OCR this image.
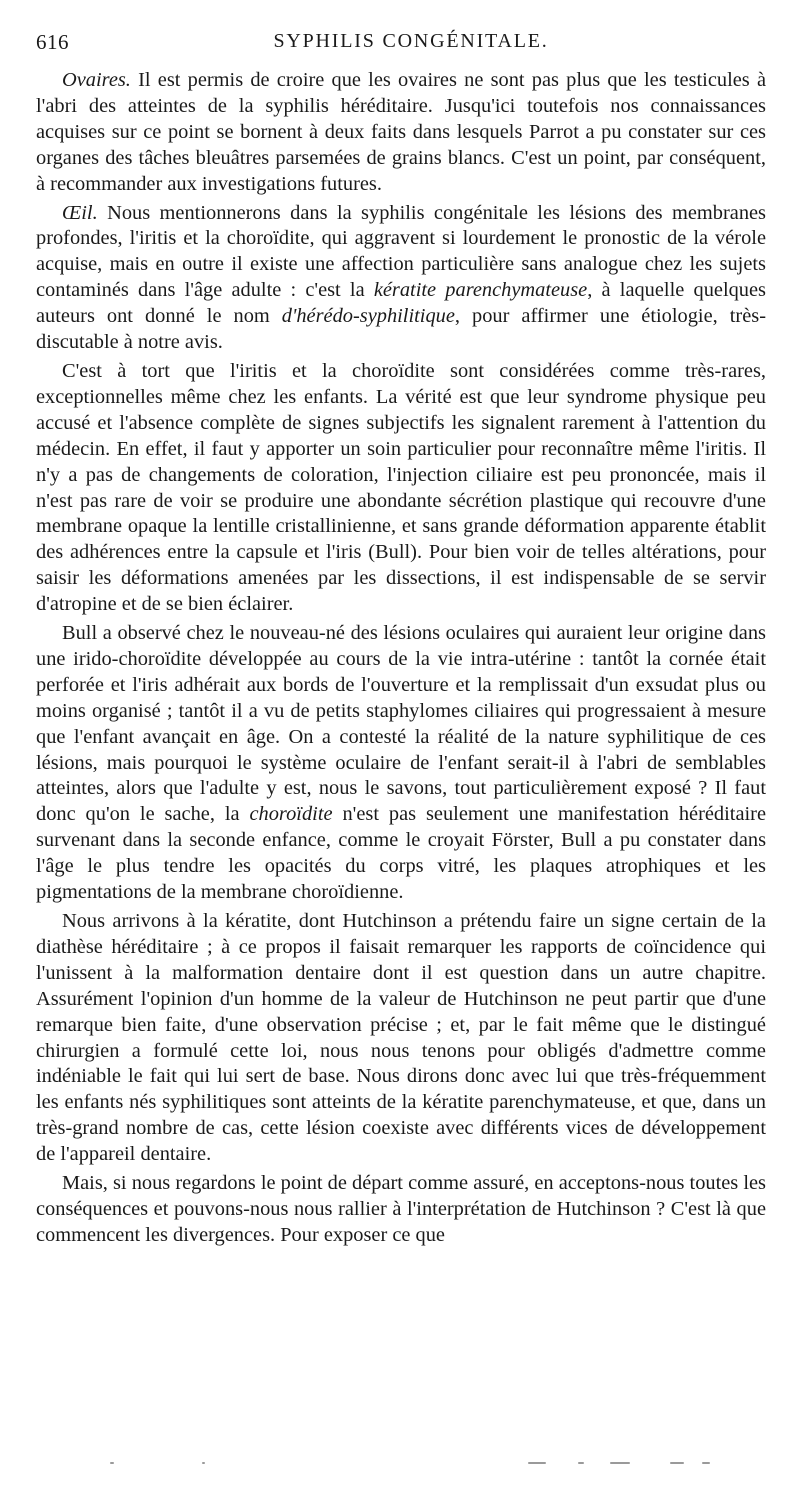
616	SYPHILIS CONGÉNITALE.

Ovaires. Il est permis de croire que les ovaires ne sont pas plus que les testicules à l'abri des atteintes de la syphilis héréditaire. Jusqu'ici toutefois nos connaissances acquises sur ce point se bornent à deux faits dans lesquels Parrot a pu constater sur ces organes des tâches bleuâtres parsemées de grains blancs. C'est un point, par conséquent, à recommander aux investigations futures.

Œil. Nous mentionnerons dans la syphilis congénitale les lésions des membranes profondes, l'iritis et la choroïdite, qui aggravent si lourdement le pronostic de la vérole acquise, mais en outre il existe une affection particulière sans analogue chez les sujets contaminés dans l'âge adulte : c'est la kératite parenchymateuse, à laquelle quelques auteurs ont donné le nom d'hérédo-syphilitique, pour affirmer une étiologie, très-discutable à notre avis.

C'est à tort que l'iritis et la choroïdite sont considérées comme très-rares, exceptionnelles même chez les enfants. La vérité est que leur syndrome physique peu accusé et l'absence complète de signes subjectifs les signalent rarement à l'attention du médecin. En effet, il faut y apporter un soin particulier pour reconnaître même l'iritis. Il n'y a pas de changements de coloration, l'injection ciliaire est peu prononcée, mais il n'est pas rare de voir se produire une abondante sécrétion plastique qui recouvre d'une membrane opaque la lentille cristallinienne, et sans grande déformation apparente établit des adhérences entre la capsule et l'iris (Bull). Pour bien voir de telles altérations, pour saisir les déformations amenées par les dissections, il est indispensable de se servir d'atropine et de se bien éclairer.

Bull a observé chez le nouveau-né des lésions oculaires qui auraient leur origine dans une irido-choroïdite développée au cours de la vie intra-utérine : tantôt la cornée était perforée et l'iris adhérait aux bords de l'ouverture et la remplissait d'un exsudat plus ou moins organisé ; tantôt il a vu de petits staphylomes ciliaires qui progressaient à mesure que l'enfant avançait en âge. On a contesté la réalité de la nature syphilitique de ces lésions, mais pourquoi le système oculaire de l'enfant serait-il à l'abri de semblables atteintes, alors que l'adulte y est, nous le savons, tout particulièrement exposé ? Il faut donc qu'on le sache, la choroïdite n'est pas seulement une manifestation héréditaire survenant dans la seconde enfance, comme le croyait Förster, Bull a pu constater dans l'âge le plus tendre les opacités du corps vitré, les plaques atrophiques et les pigmentations de la membrane choroïdienne.

Nous arrivons à la kératite, dont Hutchinson a prétendu faire un signe certain de la diathèse héréditaire ; à ce propos il faisait remarquer les rapports de coïncidence qui l'unissent à la malformation dentaire dont il est question dans un autre chapitre. Assurément l'opinion d'un homme de la valeur de Hutchinson ne peut partir que d'une remarque bien faite, d'une observation précise ; et, par le fait même que le distingué chirurgien a formulé cette loi, nous nous tenons pour obligés d'admettre comme indéniable le fait qui lui sert de base. Nous dirons donc avec lui que très-fréquemment les enfants nés syphilitiques sont atteints de la kératite parenchymateuse, et que, dans un très-grand nombre de cas, cette lésion coexiste avec différents vices de développement de l'appareil dentaire.

Mais, si nous regardons le point de départ comme assuré, en acceptons-nous toutes les conséquences et pouvons-nous nous rallier à l'interprétation de Hutchinson ? C'est là que commencent les divergences. Pour exposer ce que
